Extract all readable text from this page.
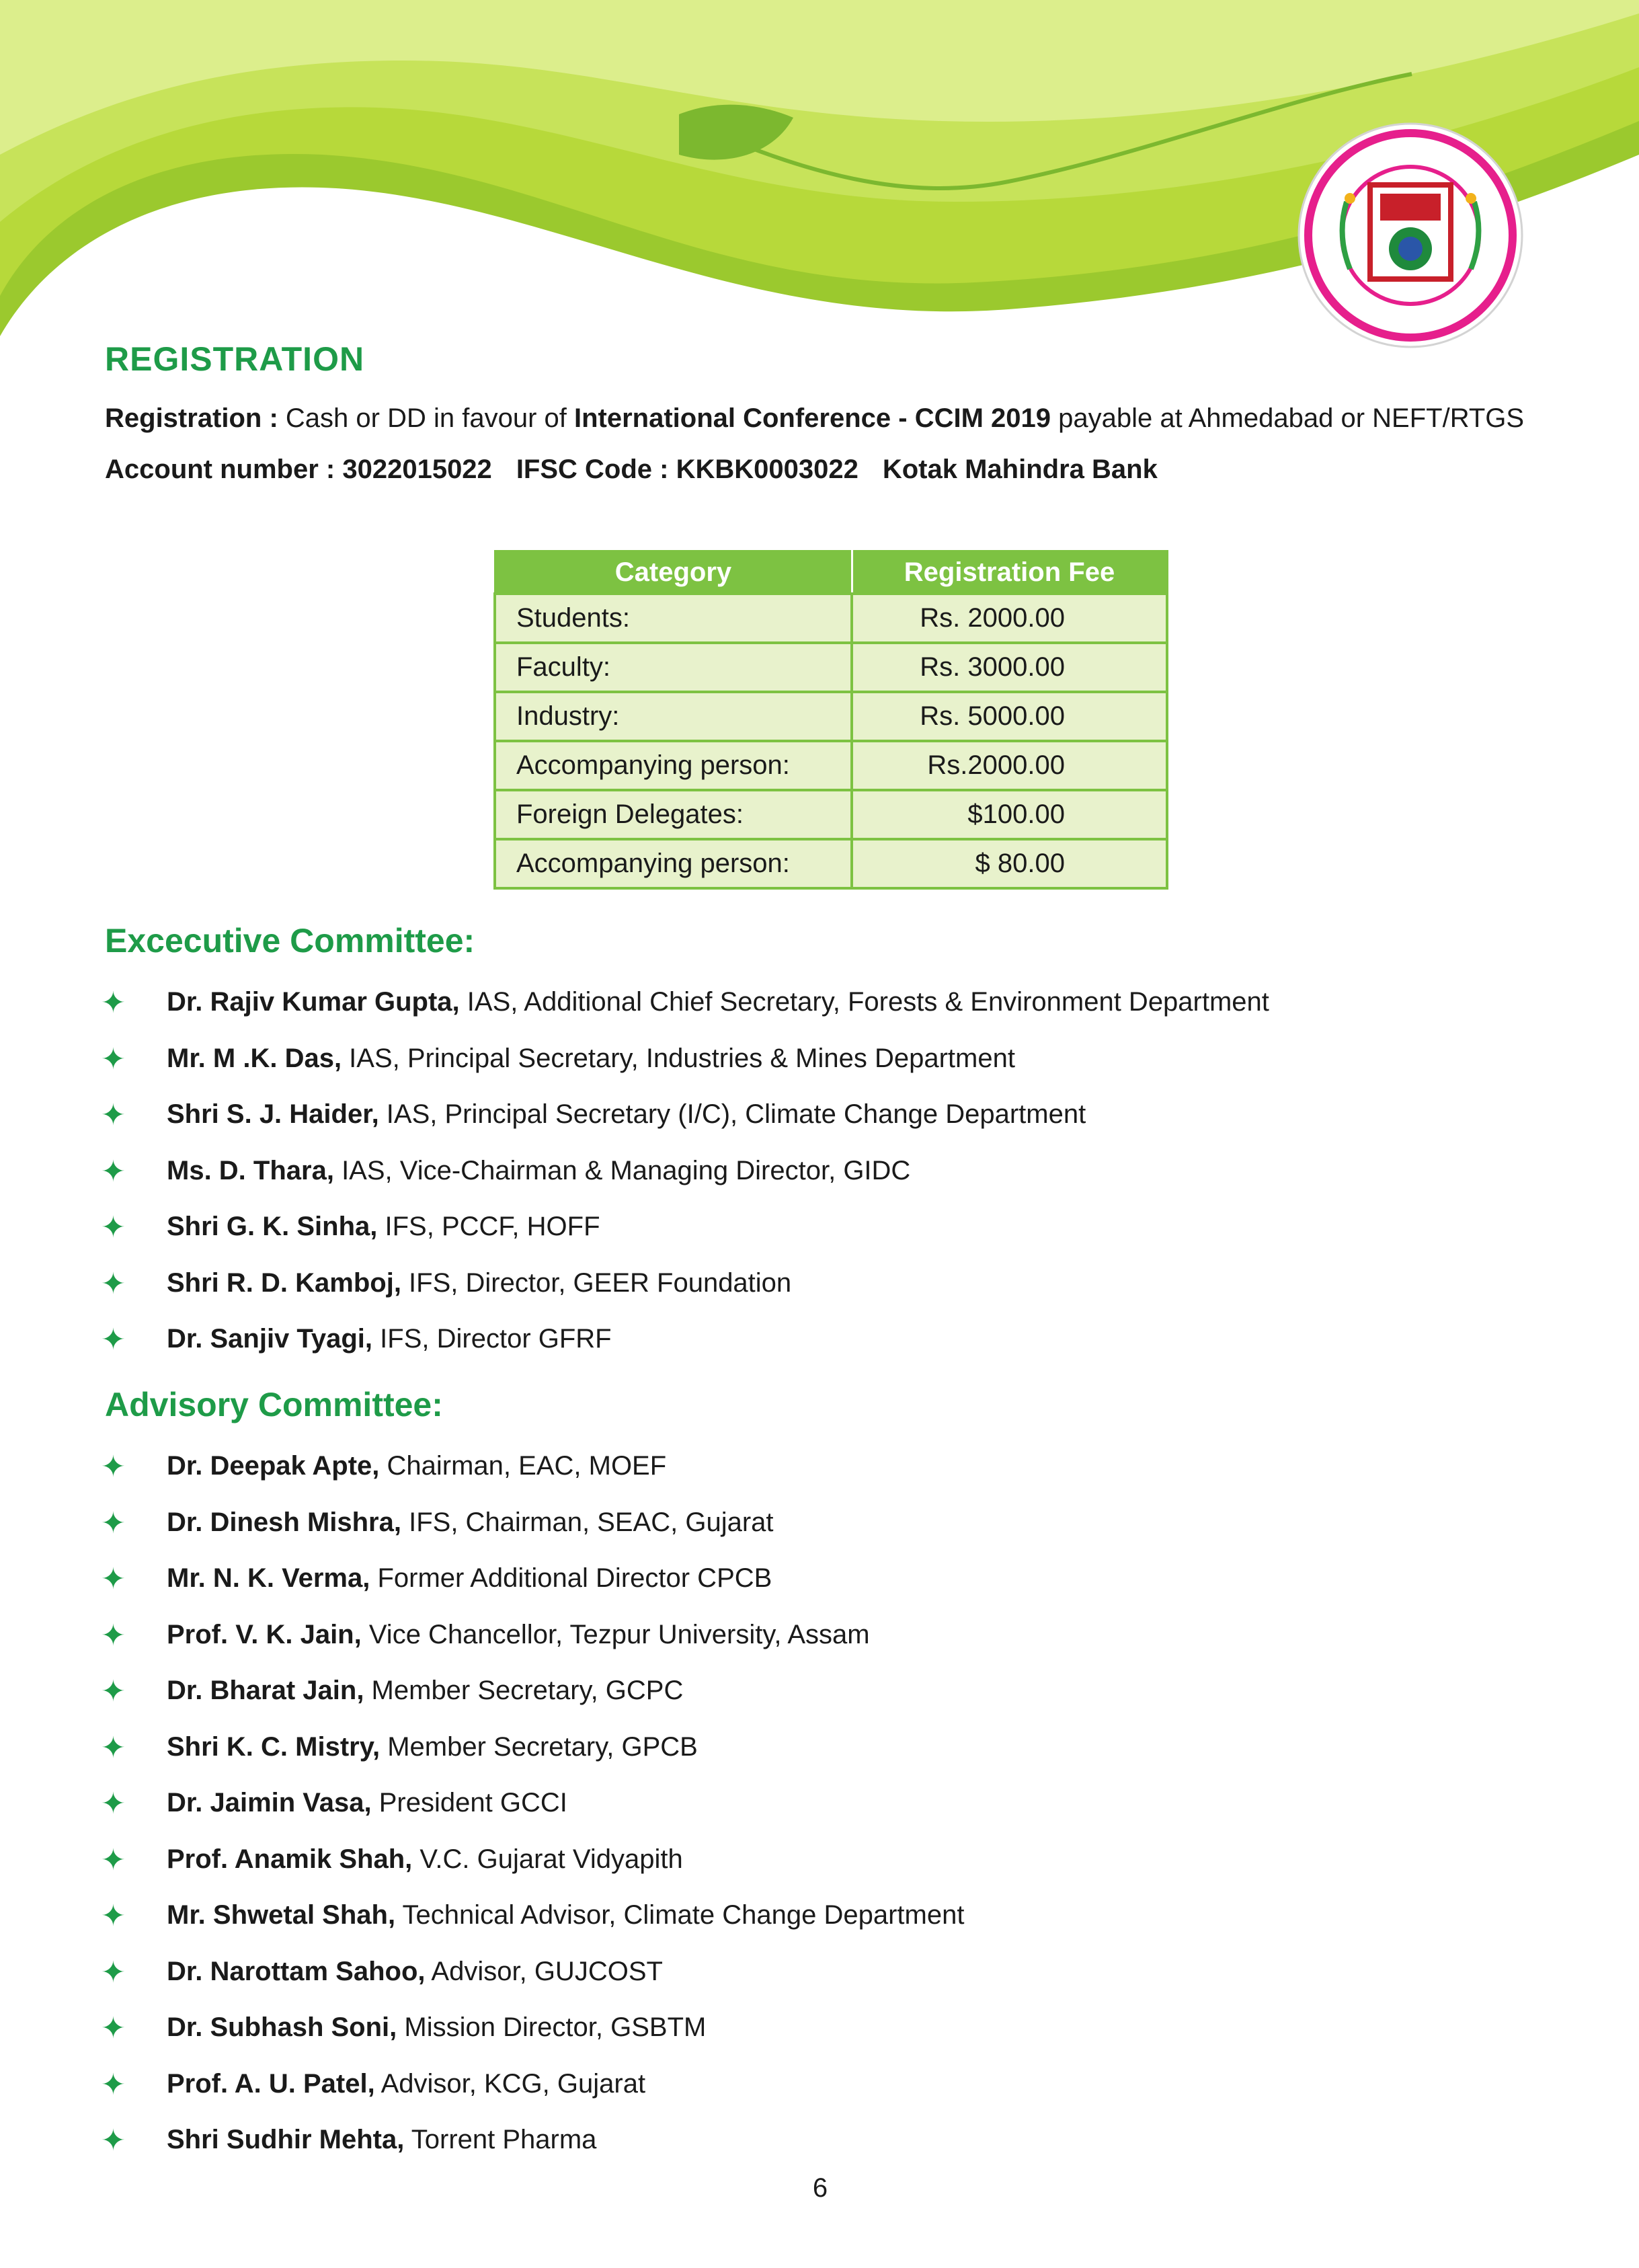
REGISTRATION
Registration : Cash or DD in favour of International Conference - CCIM 2019 payable at Ahmedabad or NEFT/RTGS
Account number : 3022015022 IFSC Code : KKBK0003022 Kotak Mahindra Bank
Category	Registration Fee
Students:	Rs. 2000.00
Faculty:	Rs. 3000.00
Industry:	Rs. 5000.00
Accompanying person:	Rs.2000.00
Foreign Delegates:	$100.00
Accompanying person:	$ 80.00
Excecutive Committee:
✦ Dr. Rajiv Kumar Gupta, IAS, Additional Chief Secretary, Forests & Environment Department
✦ Mr. M .K. Das, IAS, Principal Secretary, Industries & Mines Department
✦ Shri S. J. Haider, IAS, Principal Secretary (I/C), Climate Change Department
✦ Ms. D. Thara, IAS, Vice-Chairman & Managing Director, GIDC
✦ Shri G. K. Sinha, IFS, PCCF, HOFF
✦ Shri R. D. Kamboj, IFS, Director, GEER Foundation
✦ Dr. Sanjiv Tyagi, IFS, Director GFRF
Advisory Committee:
✦ Dr. Deepak Apte, Chairman, EAC, MOEF
✦ Dr. Dinesh Mishra, IFS, Chairman, SEAC, Gujarat
✦ Mr. N. K. Verma, Former Additional Director CPCB
✦ Prof. V. K. Jain, Vice Chancellor, Tezpur University, Assam
✦ Dr. Bharat Jain, Member Secretary, GCPC
✦ Shri K. C. Mistry, Member Secretary, GPCB
✦ Dr. Jaimin Vasa, President GCCI
✦ Prof. Anamik Shah, V.C. Gujarat Vidyapith
✦ Mr. Shwetal Shah, Technical Advisor, Climate Change Department
✦ Dr. Narottam Sahoo, Advisor, GUJCOST
✦ Dr. Subhash Soni, Mission Director, GSBTM
✦ Prof. A. U. Patel, Advisor, KCG, Gujarat
✦ Shri Sudhir Mehta, Torrent Pharma
6
